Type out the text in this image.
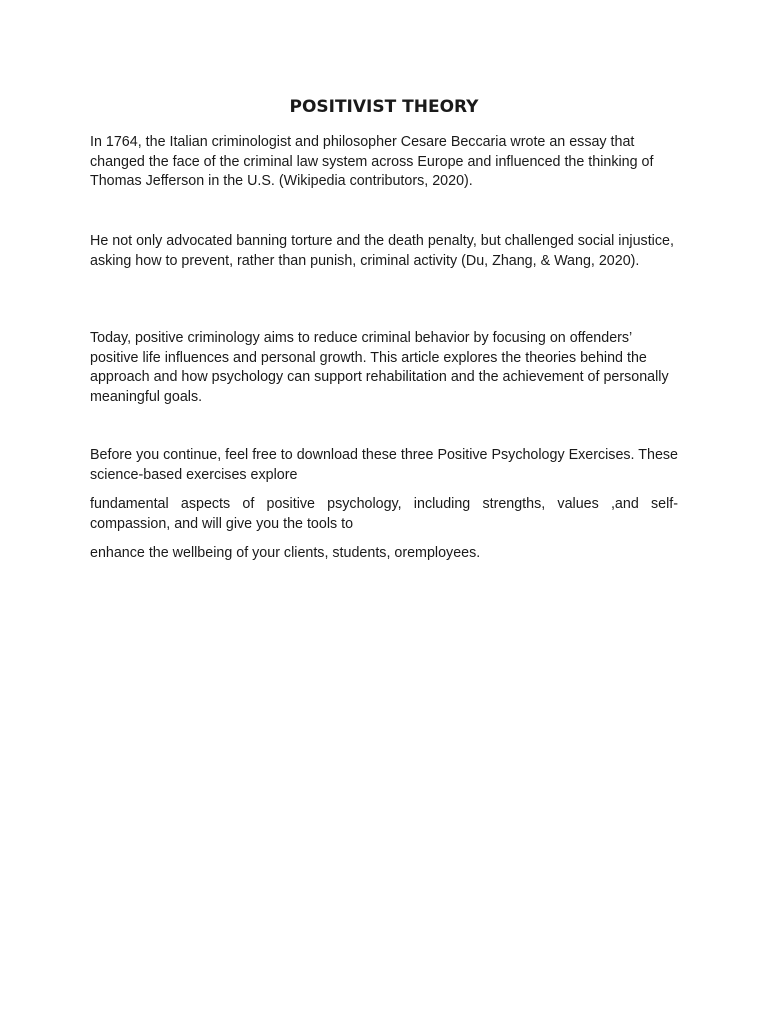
POSITIVIST THEORY

In 1764, the Italian criminologist and philosopher Cesare Beccaria wrote an essay that changed the face of the criminal law system across Europe and influenced the thinking of Thomas Jefferson in the U.S. (Wikipedia contributors, 2020).

He not only advocated banning torture and the death penalty, but challenged social injustice, asking how to prevent, rather than punish, criminal activity (Du, Zhang, & Wang, 2020).

Today, positive criminology aims to reduce criminal behavior by focusing on offenders’ positive life influences and personal growth. This article explores the theories behind the approach and how psychology can support rehabilitation and the achievement of personally meaningful goals.

Before you continue, feel free to download these three Positive Psychology Exercises. These science-based exercises explore

fundamental aspects of positive psychology, including strengths, values ,and self-compassion, and will give you the tools to

enhance the wellbeing of your clients, students, oremployees.
